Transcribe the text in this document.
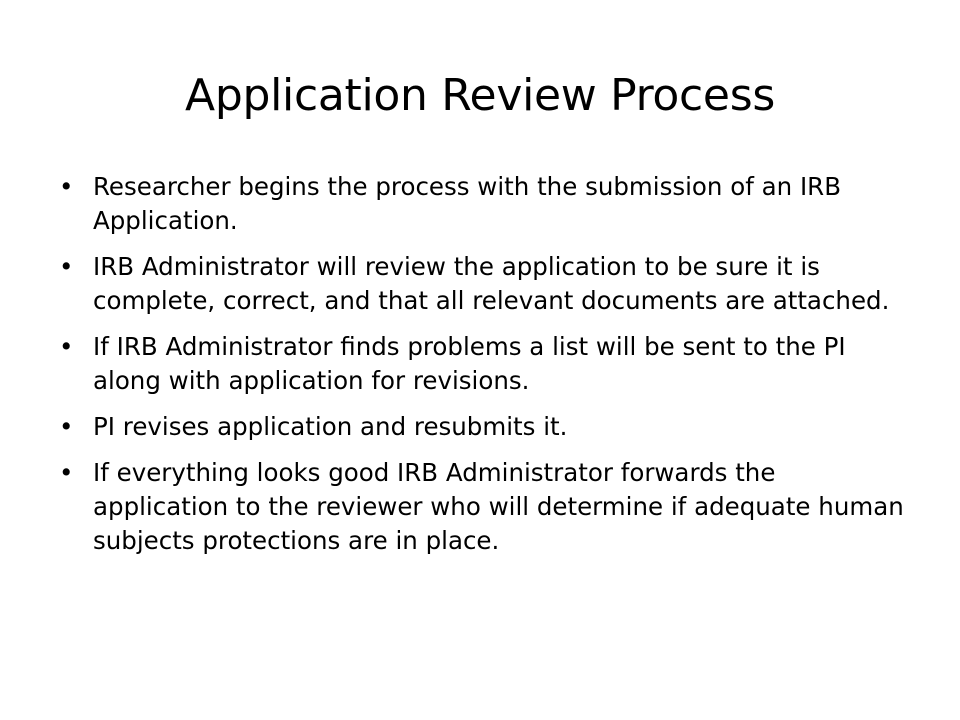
Application Review Process
• Researcher begins the process with the submission of an IRB Application.
• IRB Administrator will review the application to be sure it is complete, correct, and that all relevant documents are attached.
• If IRB Administrator finds problems a list will be sent to the PI along with application for revisions.
• PI revises application and resubmits it.
• If everything looks good IRB Administrator forwards the application to the reviewer who will determine if adequate human subjects protections are in place.
